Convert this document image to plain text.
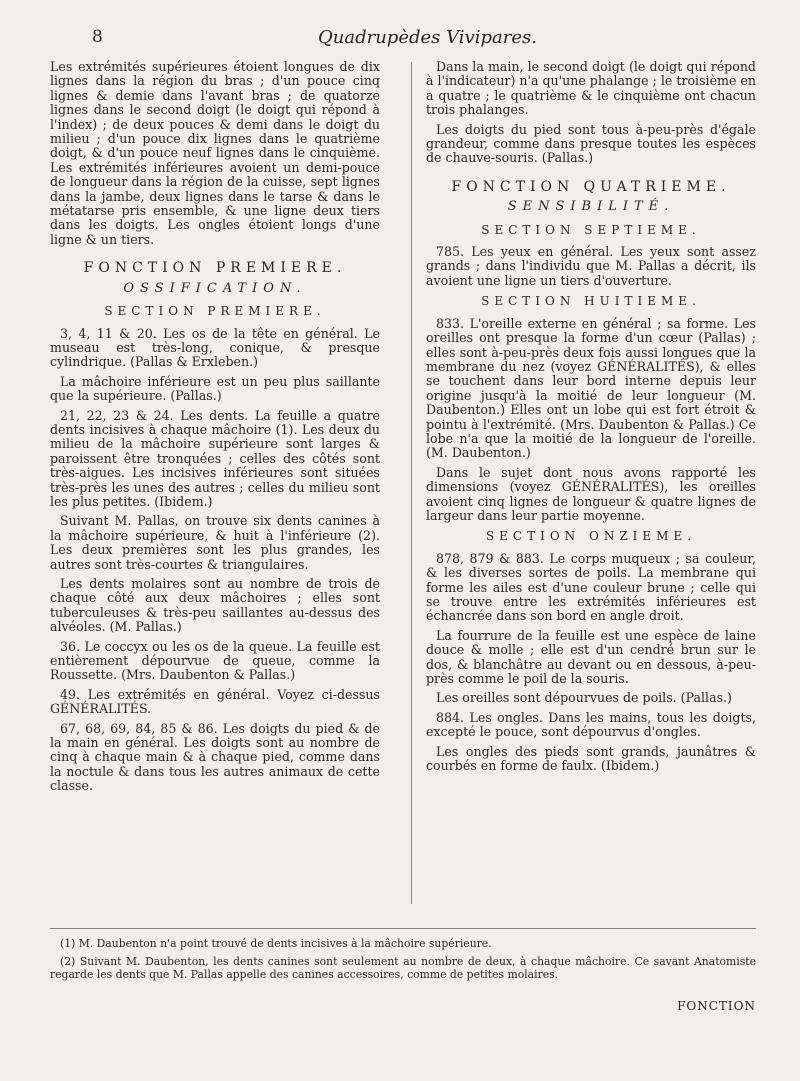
8	Quadrupèdes Vivipares.

Les extrémités supérieures étoient longues de dix lignes dans la région du bras ; d'un pouce cinq lignes & demie dans l'avant bras ; de quatorze lignes dans le second doigt (le doigt qui répond à l'index) ; de deux pouces & demi dans le doigt du milieu ; d'un pouce dix lignes dans le quatrième doigt, & d'un pouce neuf lignes dans le cinquième. Les extrémités inférieures avoient un demi-pouce de longueur dans la région de la cuisse, sept lignes dans la jambe, deux lignes dans le tarse & dans le métatarse pris ensemble, & une ligne deux tiers dans les doigts. Les ongles étoient longs d'une ligne & un tiers.

FONCTION PREMIERE.
OSSIFICATION.
SECTION PREMIERE.

3, 4, 11 & 20. Les os de la tête en général. Le museau est très-long, conique, & presque cylindrique. (Pallas & Erxleben.)

La mâchoire inférieure est un peu plus saillante que la supérieure. (Pallas.)

21, 22, 23 & 24. Les dents. La feuille a quatre dents incisives à chaque mâchoire (1). Les deux du milieu de la mâchoire supérieure sont larges & paroissent être tronquées ; celles des côtés sont très-aigues. Les incisives inférieures sont situées très-près les unes des autres ; celles du milieu sont les plus petites. (Ibidem.)

Suivant M. Pallas, on trouve six dents canines à la mâchoire supérieure, & huit à l'inférieure (2). Les deux premières sont les plus grandes, les autres sont très-courtes & triangulaires.

Les dents molaires sont au nombre de trois de chaque côté aux deux mâchoires ; elles sont tuberculeuses & très-peu saillantes au-dessus des alvéoles. (M. Pallas.)

36. Le coccyx ou les os de la queue. La feuille est entièrement dépourvue de queue, comme la Roussette. (Mrs. Daubenton & Pallas.)

49. Les extrémités en général. Voyez ci-dessus GÉNÉRALITÉS.

67, 68, 69, 84, 85 & 86. Les doigts du pied & de la main en général. Les doigts sont au nombre de cinq à chaque main & à chaque pied, comme dans la noctule & dans tous les autres animaux de cette classe.

Dans la main, le second doigt (le doigt qui répond à l'indicateur) n'a qu'une phalange ; le troisième en a quatre ; le quatrième & le cinquième ont chacun trois phalanges.

Les doigts du pied sont tous à-peu-près d'égale grandeur, comme dans presque toutes les espèces de chauve-souris. (Pallas.)

FONCTION QUATRIEME.
SENSIBILITÉ.
SECTION SEPTIEME.

785. Les yeux en général. Les yeux sont assez grands ; dans l'individu que M. Pallas a décrit, ils avoient une ligne un tiers d'ouverture.

SECTION HUITIEME.

833. L'oreille externe en général ; sa forme. Les oreilles ont presque la forme d'un cœur (Pallas) ; elles sont à-peu-près deux fois aussi longues que la membrane du nez (voyez GÉNÉRALITÉS), & elles se touchent dans leur bord interne depuis leur origine jusqu'à la moitié de leur longueur (M. Daubenton.) Elles ont un lobe qui est fort étroit & pointu à l'extrémité. (Mrs. Daubenton & Pallas.) Ce lobe n'a que la moitié de la longueur de l'oreille. (M. Daubenton.)

Dans le sujet dont nous avons rapporté les dimensions (voyez GÉNÉRALITÉS), les oreilles avoient cinq lignes de longueur & quatre lignes de largeur dans leur partie moyenne.

SECTION ONZIEME.

878, 879 & 883. Le corps muqueux ; sa couleur, & les diverses sortes de poils. La membrane qui forme les ailes est d'une couleur brune ; celle qui se trouve entre les extrémités inférieures est échancrée dans son bord en angle droit.

La fourrure de la feuille est une espèce de laine douce & molle ; elle est d'un cendré brun sur le dos, & blanchâtre au devant ou en dessous, à-peu-près comme le poil de la souris.

Les oreilles sont dépourvues de poils. (Pallas.)

884. Les ongles. Dans les mains, tous les doigts, excepté le pouce, sont dépourvus d'ongles.

Les ongles des pieds sont grands, jaunâtres & courbés en forme de faulx. (Ibidem.)

(1) M. Daubenton n'a point trouvé de dents incisives à la mâchoire supérieure.

(2) Suivant M. Daubenton, les dents canines sont seulement au nombre de deux, à chaque mâchoire. Ce savant Anatomiste regarde les dents que M. Pallas appelle des canines accessoires, comme de petites molaires.

FONCTION
